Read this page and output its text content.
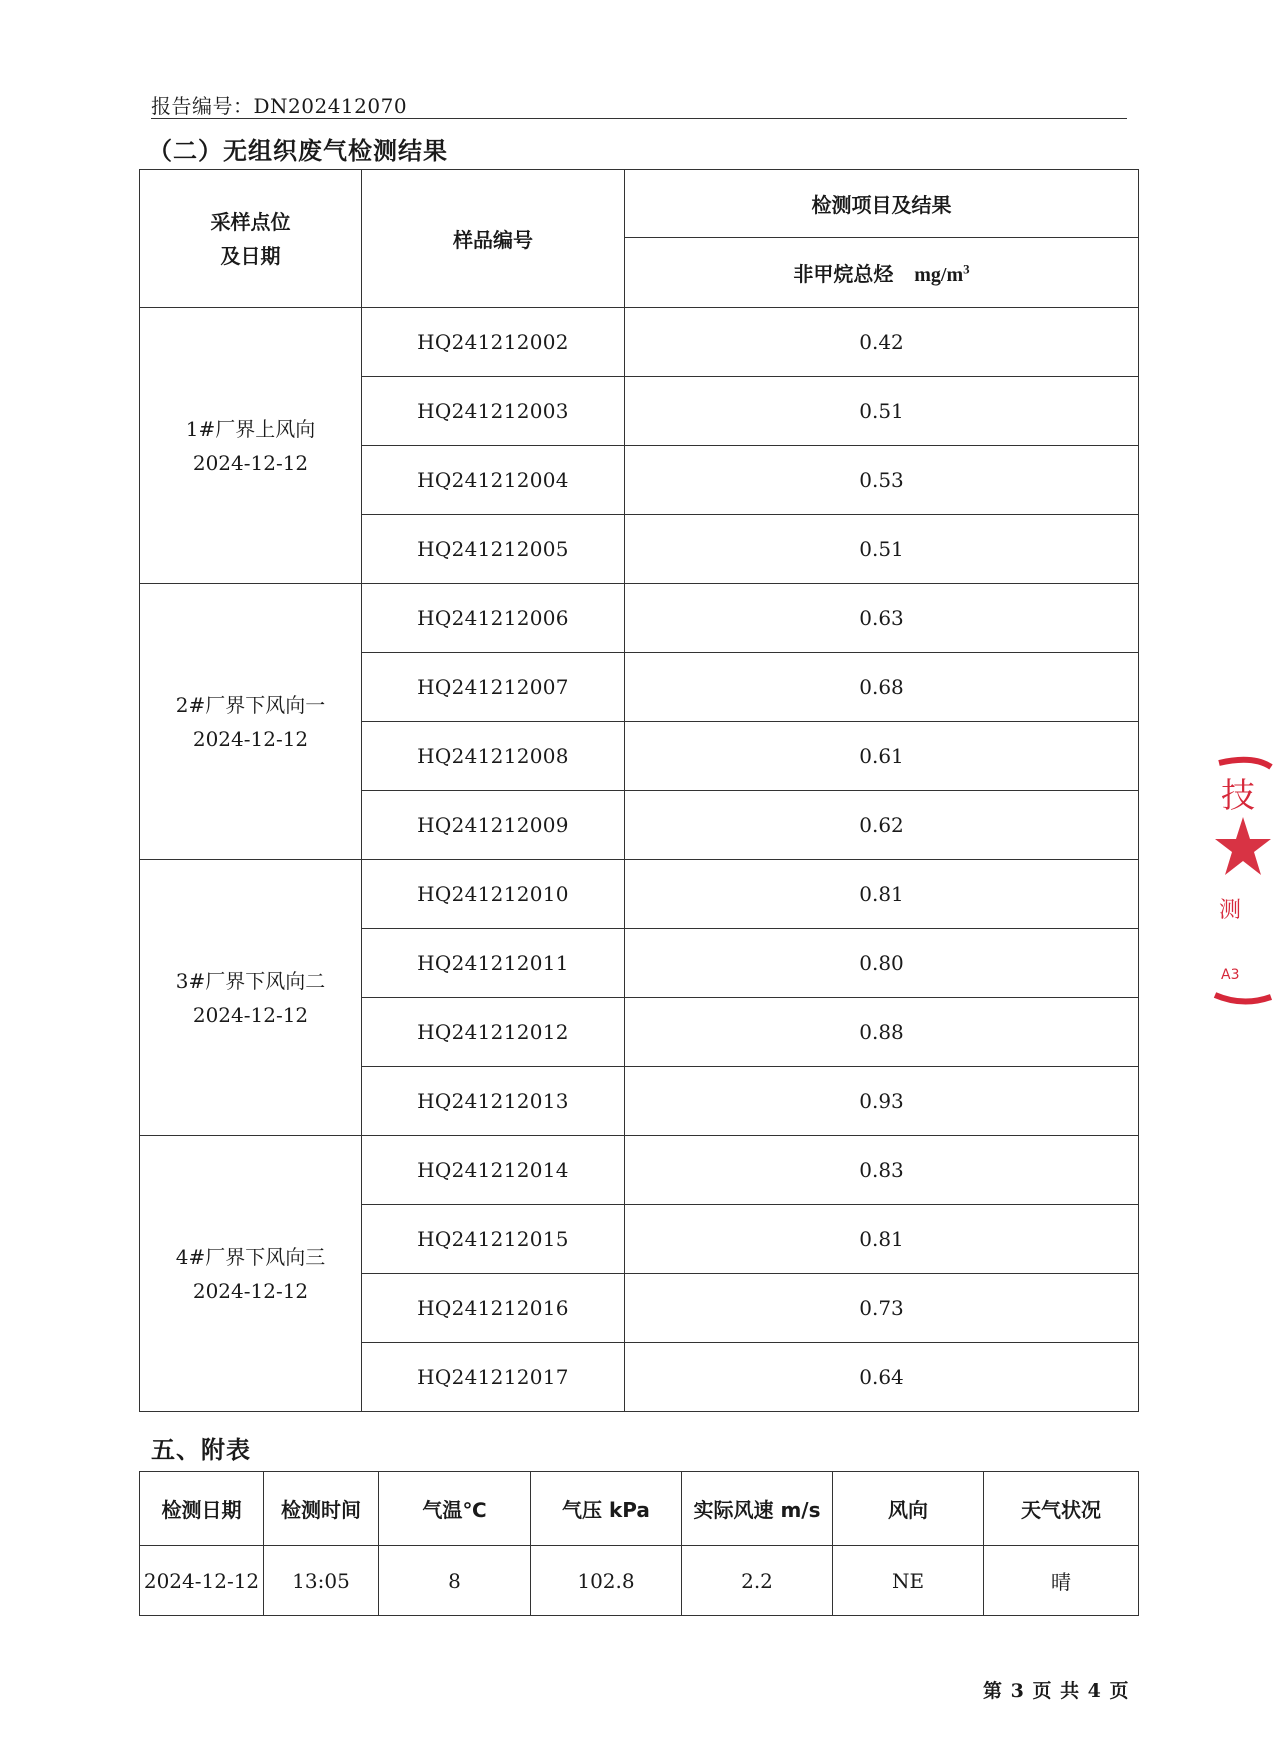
报告编号：DN202412070
（二）无组织废气检测结果
采样点位
及日期	样品编号	检测项目及结果
		非甲烷总烃 $mg/m^3$

1#厂界上风向
2024-12-12	HQ241212002	0.42
	HQ241212003	0.51
	HQ241212004	0.53
	HQ241212005	0.51

2#厂界下风向一
2024-12-12	HQ241212006	0.63
	HQ241212007	0.68
	HQ241212008	0.61
	HQ241212009	0.62

3#厂界下风向二
2024-12-12	HQ241212010	0.81
	HQ241212011	0.80
	HQ241212012	0.88
	HQ241212013	0.93

4#厂界下风向三
2024-12-12	HQ241212014	0.83
	HQ241212015	0.81
	HQ241212016	0.73
	HQ241212017	0.64
五、附表
检测日期	检测时间	气温℃	气压 kPa	实际风速 m/s	风向	天气状况
2024-12-12	13:05	8	102.8	2.2	NE	晴
第 3 页 共 4 页
技
测
A3
